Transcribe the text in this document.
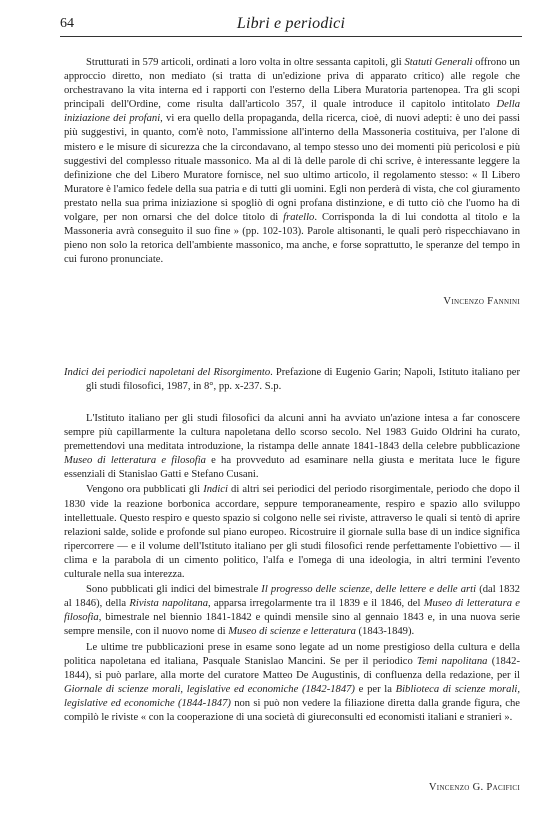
64	Libri e periodici

Strutturati in 579 articoli, ordinati a loro volta in oltre sessanta capitoli, gli Statuti Generali offrono un approccio diretto, non mediato (si tratta di un'edizione priva di apparato critico) alle regole che orchestravano la vita interna ed i rapporti con l'esterno della Libera Muratoria partenopea. Tra gli scopi principali dell'Ordine, come risulta dall'articolo 357, il quale introduce il capitolo intitolato Della iniziazione dei profani, vi era quello della propaganda, della ricerca, cioè, di nuovi adepti: è uno dei passi più suggestivi, in quanto, com'è noto, l'ammissione all'interno della Massoneria costituiva, per l'alone di mistero e le misure di sicurezza che la circondavano, al tempo stesso uno dei momenti più pericolosi e più suggestivi del complesso rituale massonico. Ma al di là delle parole di chi scrive, è interessante leggere la definizione che del Libero Muratore fornisce, nel suo ultimo articolo, il regolamento stesso: « Il Libero Muratore è l'amico fedele della sua patria e di tutti gli uomini. Egli non perderà di vista, che col giuramento prestato nella sua prima iniziazione si spogliò di ogni profana distinzione, e di tutto ciò che l'uomo ha di volgare, per non ornarsi che del dolce titolo di fratello. Corrisponda la di lui condotta al titolo e la Massoneria avrà conseguito il suo fine » (pp. 102-103). Parole altisonanti, le quali però rispecchiavano in pieno non solo la retorica dell'ambiente massonico, ma anche, e forse soprattutto, le speranze del tempo in cui furono pronunciate.

Vincenzo Fannini
Indici dei periodici napoletani del Risorgimento. Prefazione di Eugenio Garin; Napoli, Istituto italiano per gli studi filosofici, 1987, in 8°, pp. x-237. S.p.

L'Istituto italiano per gli studi filosofici da alcuni anni ha avviato un'azione intesa a far conoscere sempre più capillarmente la cultura napoletana dello scorso secolo. Nel 1983 Guido Oldrini ha curato, premettendovi una meditata introduzione, la ristampa delle annate 1841-1843 della celebre pubblicazione Museo di letteratura e filosofia e ha provveduto ad esaminare nella giusta e meritata luce le figure essenziali di Stanislao Gatti e Stefano Cusani.

Vengono ora pubblicati gli Indici di altri sei periodici del periodo risorgimentale, periodo che dopo il 1830 vide la reazione borbonica accordare, seppure temporaneamente, respiro e spazio allo sviluppo intellettuale. Questo respiro e questo spazio si colgono nelle sei riviste, attraverso le quali si tentò di aprire relazioni salde, solide e profonde sul piano europeo. Ricostruire il giornale sulla base di un indice significa ripercorrere — e il volume dell'Istituto italiano per gli studi filosofici rende perfettamente l'obiettivo — il clima e la parabola di un cimento politico, l'alfa e l'omega di una ideologia, in altri termini l'evento culturale nella sua interezza.

Sono pubblicati gli indici del bimestrale Il progresso delle scienze, delle lettere e delle arti (dal 1832 al 1846), della Rivista napolitana, apparsa irregolarmente tra il 1839 e il 1846, del Museo di letteratura e filosofia, bimestrale nel biennio 1841-1842 e quindi mensile sino al gennaio 1843 e, in una nuova serie sempre mensile, con il nuovo nome di Museo di scienze e letteratura (1843-1849).

Le ultime tre pubblicazioni prese in esame sono legate ad un nome prestigioso della cultura e della politica napoletana ed italiana, Pasquale Stanislao Mancini. Se per il periodico Temi napolitana (1842-1844), si può parlare, alla morte del curatore Matteo De Augustinis, di confluenza della redazione, per il Giornale di scienze morali, legislative ed economiche (1842-1847) e per la Biblioteca di scienze morali, legislative ed economiche (1844-1847) non si può non vedere la filiazione diretta dalla grande figura, che compilò le riviste « con la cooperazione di una società di giureconsulti ed economisti italiani e stranieri ».

Vincenzo G. Pacifici
